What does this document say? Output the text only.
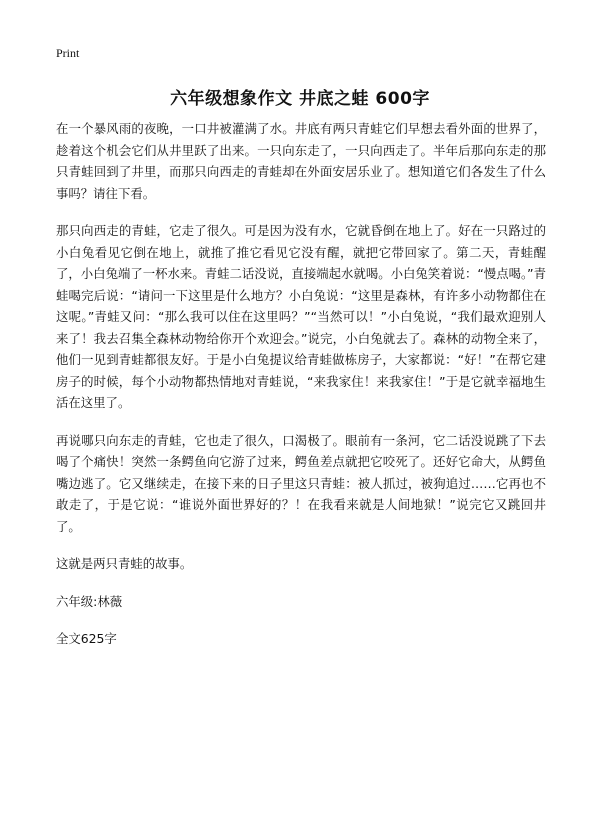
Print
六年级想象作文 井底之蛙 600字

在一个暴风雨的夜晚，一口井被灌满了水。井底有两只青蛙它们早想去看外面的世界了，趁着这个机会它们从井里跃了出来。一只向东走了，一只向西走了。半年后那向东走的那只青蛙回到了井里，而那只向西走的青蛙却在外面安居乐业了。想知道它们各发生了什么事吗？请往下看。

那只向西走的青蛙，它走了很久。可是因为没有水，它就昏倒在地上了。好在一只路过的小白兔看见它倒在地上，就推了推它看见它没有醒，就把它带回家了。第二天，青蛙醒了，小白兔端了一杯水来。青蛙二话没说，直接端起水就喝。小白兔笑着说：“慢点喝。”青蛙喝完后说：“请问一下这里是什么地方？小白兔说：“这里是森林，有许多小动物都住在这呢。”青蛙又问：“那么我可以住在这里吗？”“当然可以！”小白兔说，“我们最欢迎别人来了！我去召集全森林动物给你开个欢迎会。”说完，小白兔就去了。森林的动物全来了，他们一见到青蛙都很友好。于是小白兔提议给青蛙做栋房子，大家都说：“好！”在帮它建房子的时候，每个小动物都热情地对青蛙说，“来我家住！来我家住！”于是它就幸福地生活在这里了。

再说哪只向东走的青蛙，它也走了很久，口渴极了。眼前有一条河，它二话没说跳了下去喝了个痛快！突然一条鳄鱼向它游了过来，鳄鱼差点就把它咬死了。还好它命大，从鳄鱼嘴边逃了。它又继续走，在接下来的日子里这只青蛙：被人抓过，被狗追过……它再也不敢走了，于是它说：“谁说外面世界好的？！在我看来就是人间地狱！”说完它又跳回井了。

这就是两只青蛙的故事。

六年级:林薇

全文625字
